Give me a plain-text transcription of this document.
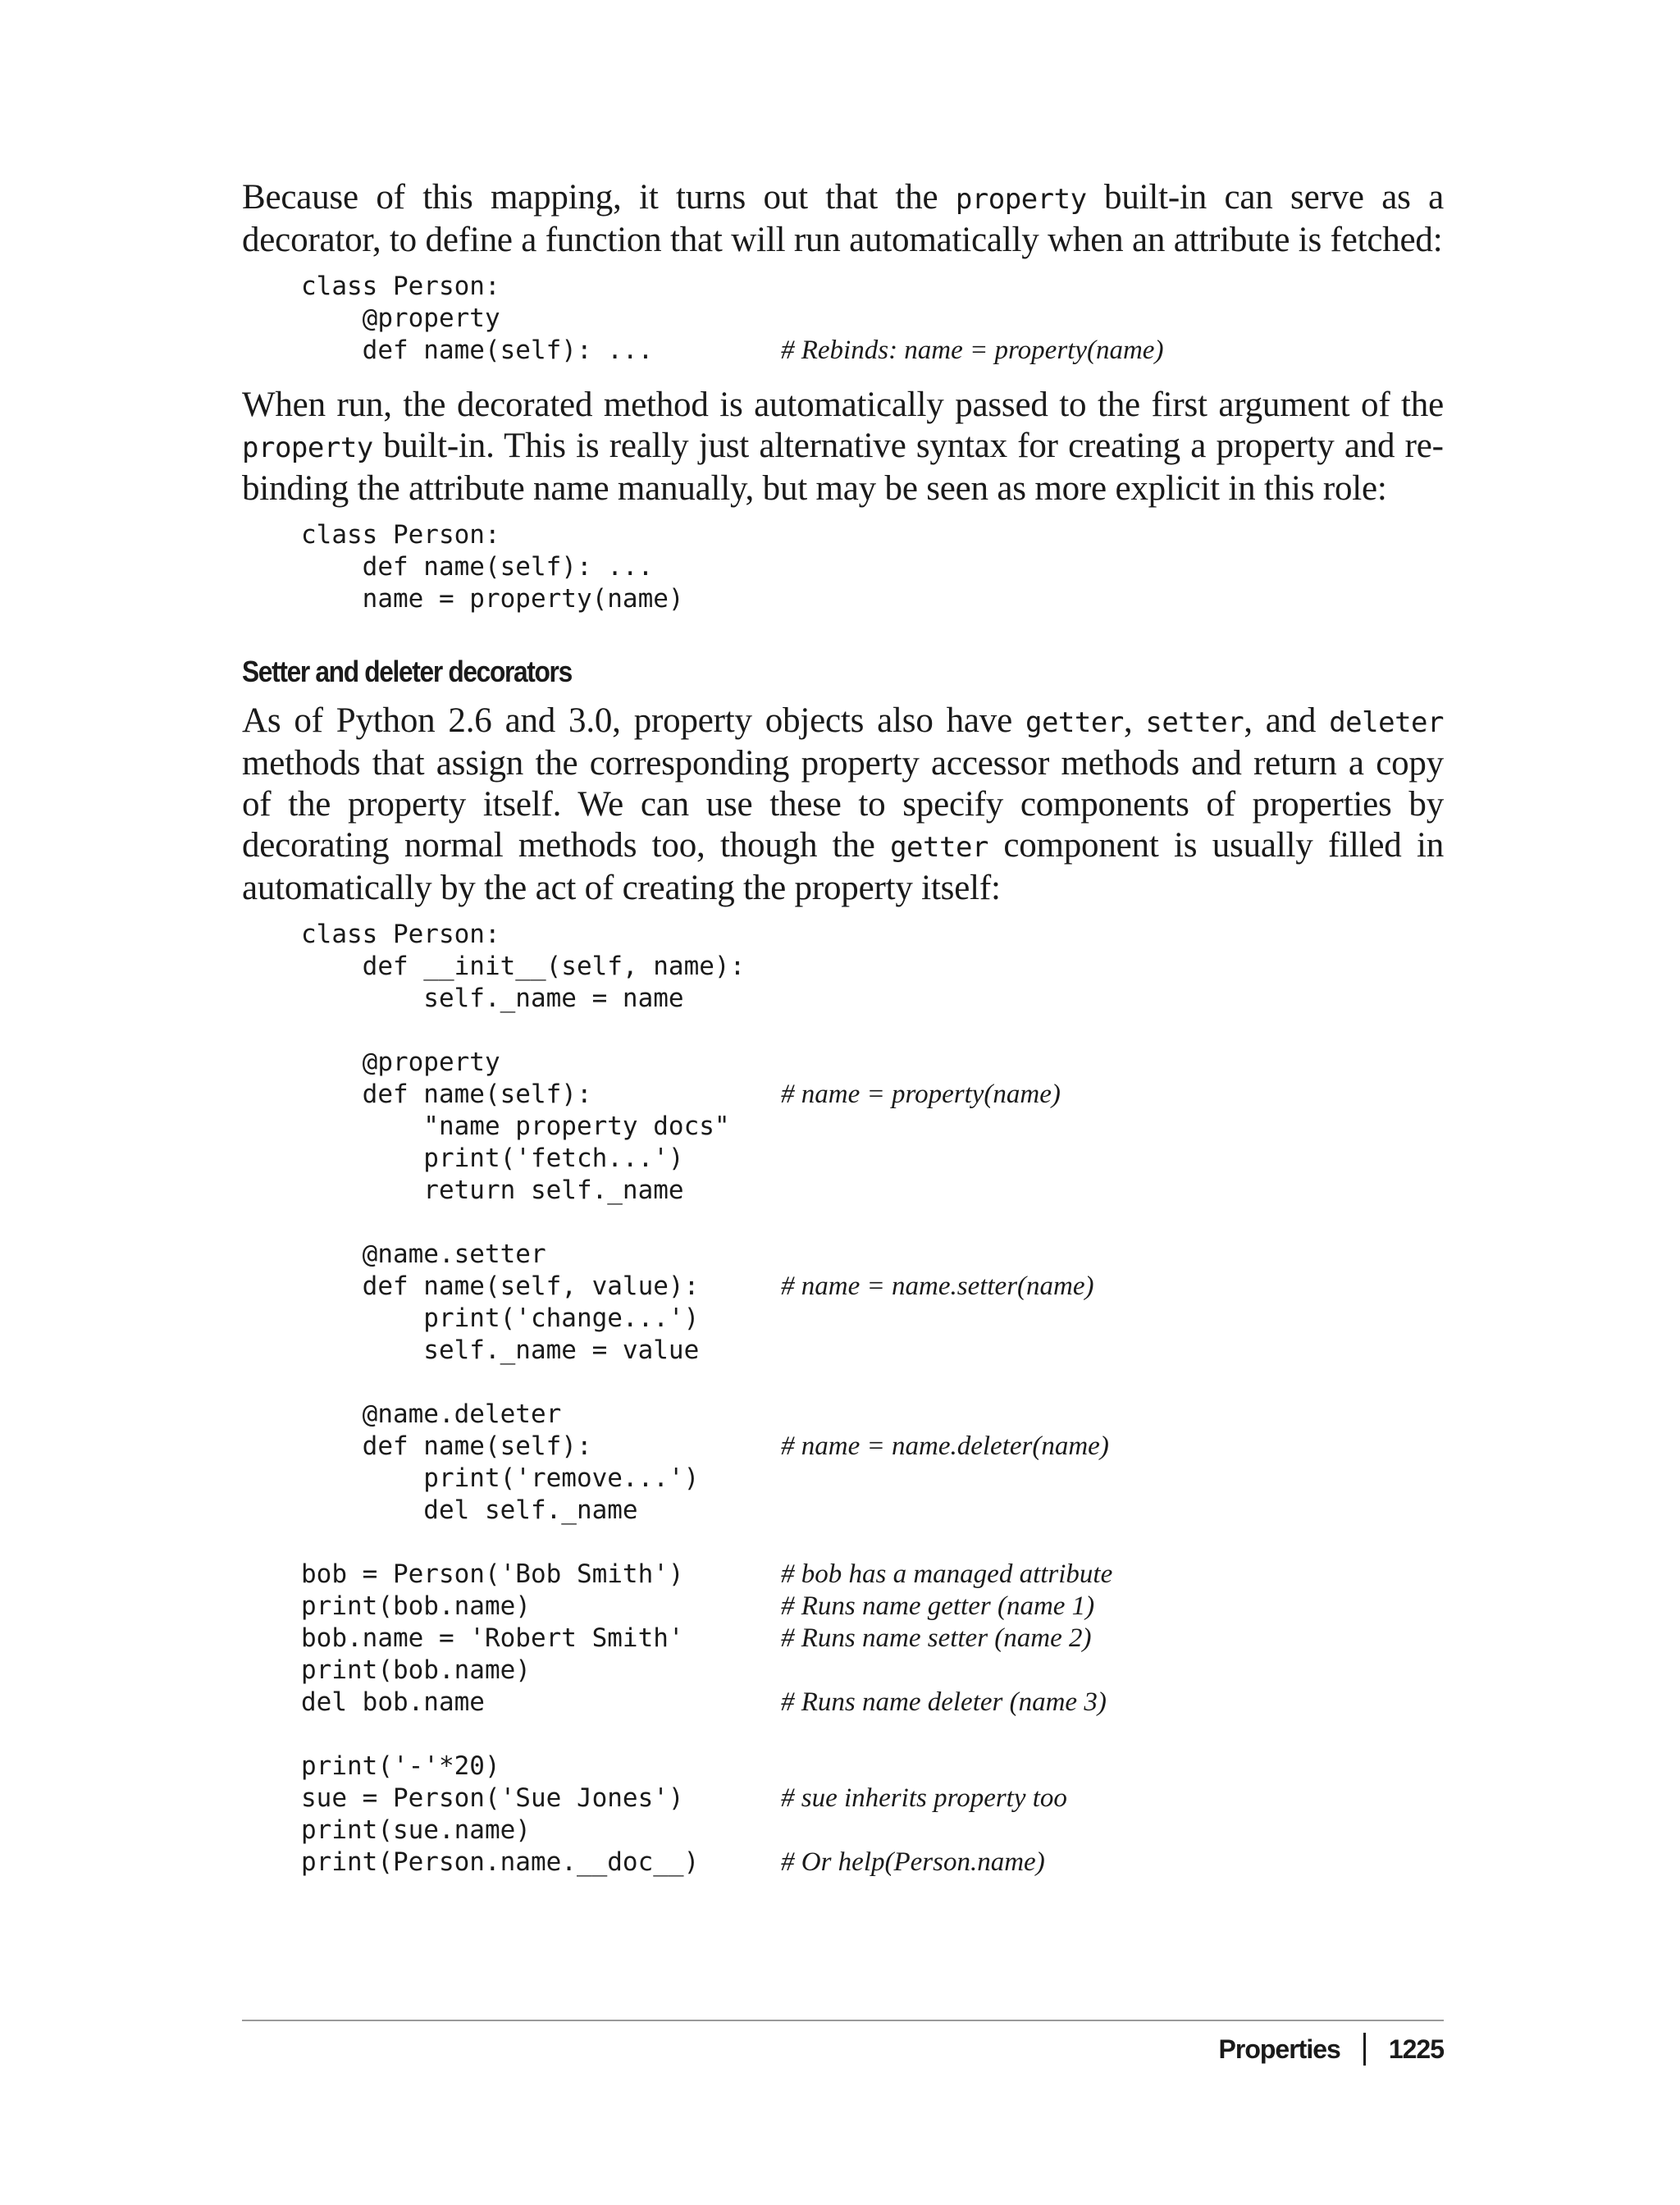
Because of this mapping, it turns out that the property built-in can serve as a decorator, to define a function that will run automatically when an attribute is fetched:

class Person:
@property
def name(self): ...	# Rebinds: name = property(name)

When run, the decorated method is automatically passed to the first argument of the property built-in. This is really just alternative syntax for creating a property and rebinding the attribute name manually, but may be seen as more explicit in this role:

class Person:
def name(self): ...
name = property(name)
Setter and deleter decorators

As of Python 2.6 and 3.0, property objects also have getter, setter, and deleter methods that assign the corresponding property accessor methods and return a copy of the property itself. We can use these to specify components of properties by decorating normal methods too, though the getter component is usually filled in automatically by the act of creating the property itself:

class Person:
def __init__(self, name):
self._name = name
@property
def name(self):	# name = property(name)
"name property docs"
print('fetch...')
return self._name
@name.setter
def name(self, value):	# name = name.setter(name)
print('change...')
self._name = value
@name.deleter
def name(self):	# name = name.deleter(name)
print('remove...')
del self._name
bob = Person('Bob Smith')	# bob has a managed attribute
print(bob.name)	# Runs name getter (name 1)
bob.name = 'Robert Smith'	# Runs name setter (name 2)
print(bob.name)
del bob.name	# Runs name deleter (name 3)
print('-'*20)
sue = Person('Sue Jones')	# sue inherits property too
print(sue.name)
print(Person.name.__doc__)	# Or help(Person.name)
Properties 1225
